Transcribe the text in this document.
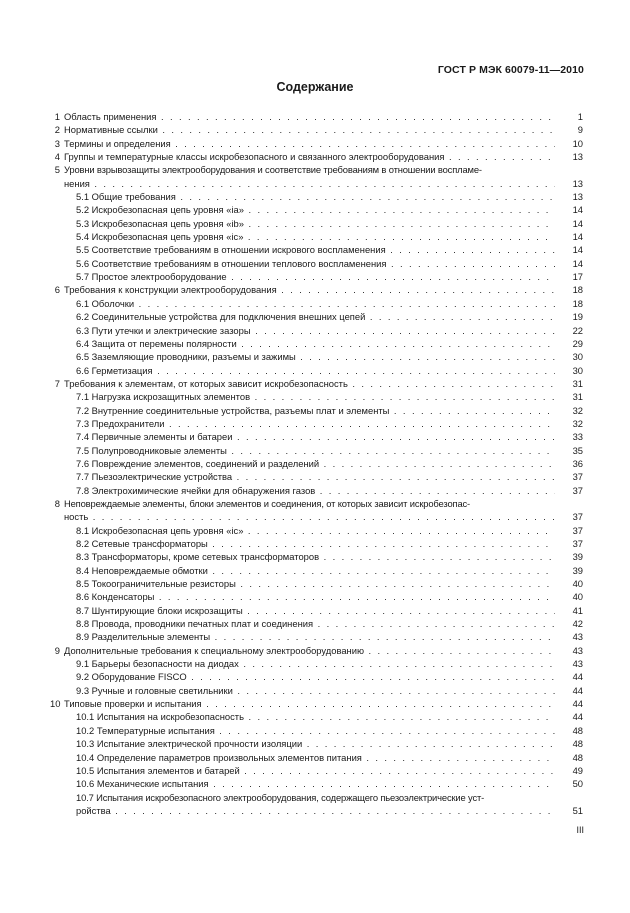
ГОСТ Р МЭК 60079-11—2010
Содержание
1 Область применения . . .	1
2 Нормативные ссылки . . .	9
3 Термины и определения . . .	10
4 Группы и температурные классы искробезопасного и связанного электрооборудования . . .	13
5 Уровни взрывозащиты электрооборудования и соответствие требованиям в отношении воспламе-
нения . . .	13
5.1 Общие требования . . .	13
5.2 Искробезопасная цепь уровня «ia» . . .	14
5.3 Искробезопасная цепь уровня «ib» . . .	14
5.4 Искробезопасная цепь уровня «ic» . . .	14
5.5 Соответствие требованиям в отношении искрового воспламенения . . .	14
5.6 Соответствие требованиям в отношении теплового воспламенения . . .	14
5.7 Простое электрооборудование . . .	17
6 Требования к конструкции электрооборудования . . .	18
6.1 Оболочки . . .	18
6.2 Соединительные устройства для подключения внешних цепей . . .	19
6.3 Пути утечки и электрические зазоры . . .	22
6.4 Защита от перемены полярности . . .	29
6.5 Заземляющие проводники, разъемы и зажимы . . .	30
6.6 Герметизация . . .	30
7 Требования к элементам, от которых зависит искробезопасность . . .	31
7.1 Нагрузка искрозащитных элементов . . .	31
7.2 Внутренние соединительные устройства, разъемы плат и элементы . . .	32
7.3 Предохранители . . .	32
7.4 Первичные элементы и батареи . . .	33
7.5 Полупроводниковые элементы . . .	35
7.6 Повреждение элементов, соединений и разделений . . .	36
7.7 Пьезоэлектрические устройства . . .	37
7.8 Электрохимические ячейки для обнаружения газов . . .	37
8 Неповреждаемые элементы, блоки элементов и соединения, от которых зависит искробезопас-
ность . . .	37
8.1 Искробезопасная цепь уровня «ic» . . .	37
8.2 Сетевые трансформаторы . . .	37
8.3 Трансформаторы, кроме сетевых трансформаторов . . .	39
8.4 Неповреждаемые обмотки . . .	39
8.5 Токоограничительные резисторы . . .	40
8.6 Конденсаторы . . .	40
8.7 Шунтирующие блоки искрозащиты . . .	41
8.8 Провода, проводники печатных плат и соединения . . .	42
8.9 Разделительные элементы . . .	43
9 Дополнительные требования к специальному электрооборудованию . . .	43
9.1 Барьеры безопасности на диодах . . .	43
9.2 Оборудование FISCO . . .	44
9.3 Ручные и головные светильники . . .	44
10 Типовые проверки и испытания . . .	44
10.1 Испытания на искробезопасность . . .	44
10.2 Температурные испытания . . .	48
10.3 Испытание электрической прочности изоляции . . .	48
10.4 Определение параметров произвольных элементов питания . . .	48
10.5 Испытания элементов и батарей . . .	49
10.6 Механические испытания . . .	50
10.7 Испытания искробезопасного электрооборудования, содержащего пьезоэлектрические уст-
ройства . . .	51
III
